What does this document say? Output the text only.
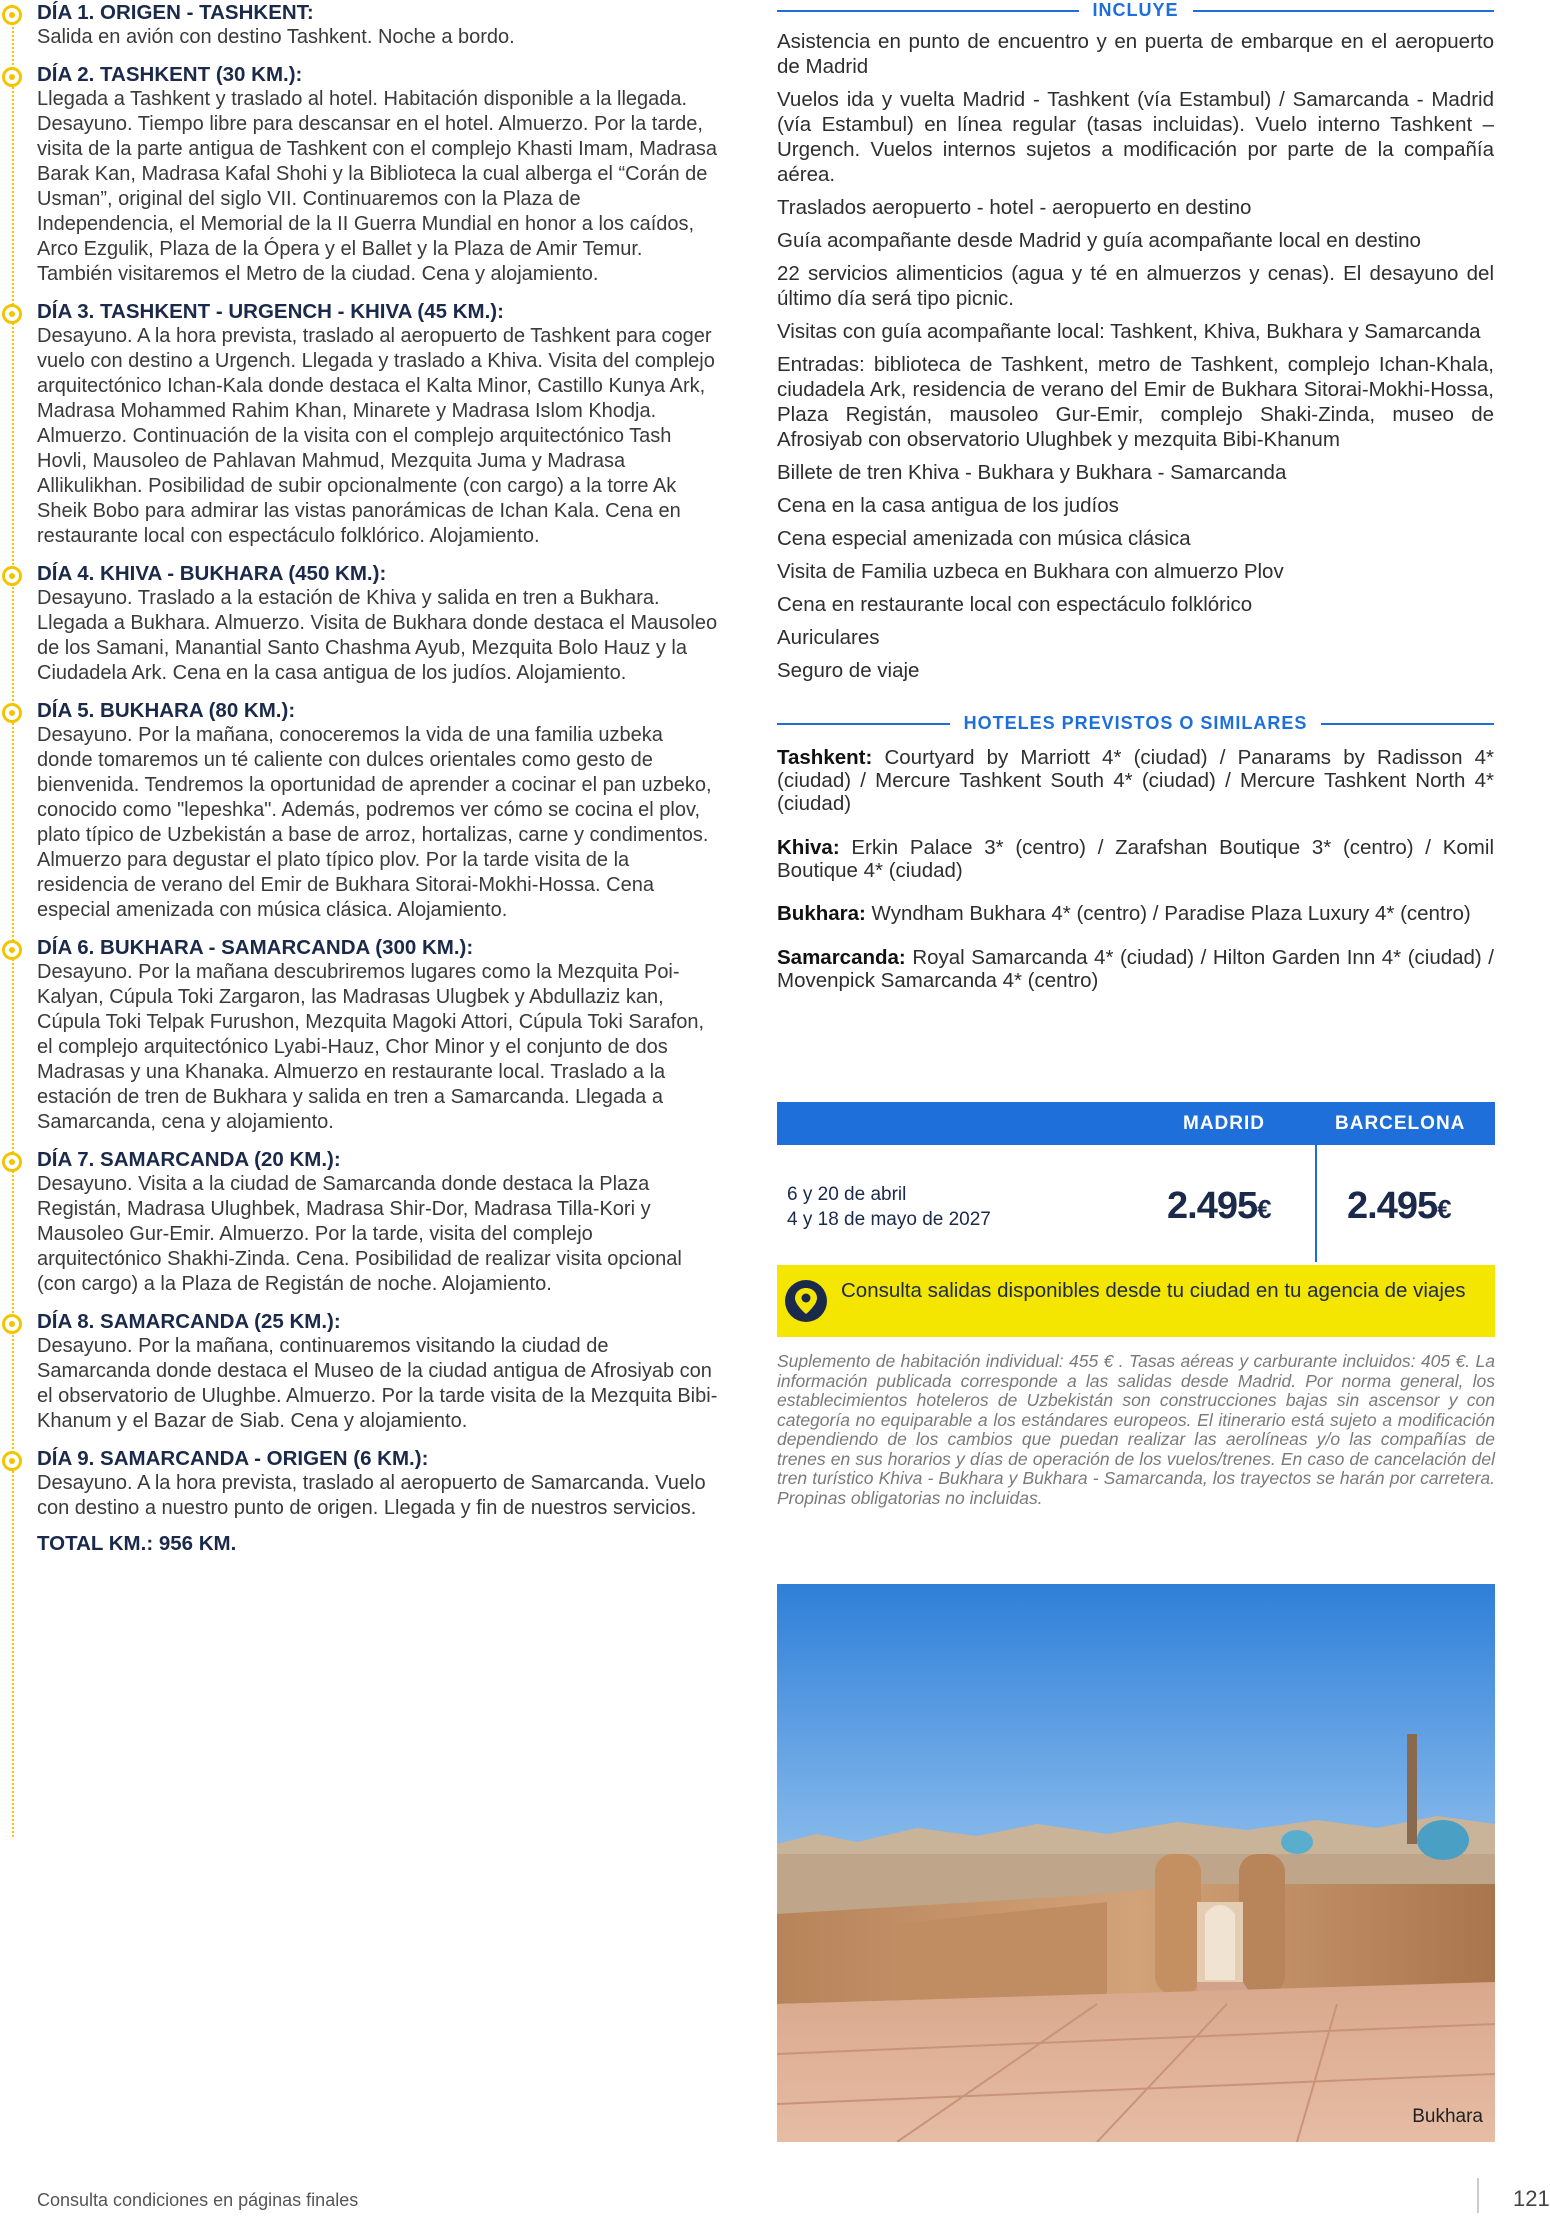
DÍA 1. ORIGEN - TASHKENT:

Salida en avión con destino Tashkent. Noche a bordo.

DÍA 2. TASHKENT (30 KM.):

Llegada a Tashkent y traslado al hotel. Habitación disponible a la llegada. Desayuno. Tiempo libre para descansar en el hotel. Almuerzo. Por la tarde, visita de la parte antigua de Tashkent con el complejo Khasti Imam, Madrasa Barak Kan, Madrasa Kafal Shohi y la Biblioteca la cual alberga el “Corán de Usman”, original del siglo VII. Continuaremos con la Plaza de Independencia, el Memorial de la II Guerra Mundial en honor a los caídos, Arco Ezgulik, Plaza de la Ópera y el Ballet y la Plaza de Amir Temur. También visitaremos el Metro de la ciudad. Cena y alojamiento.

DÍA 3. TASHKENT - URGENCH - KHIVA (45 KM.):

Desayuno. A la hora prevista, traslado al aeropuerto de Tashkent para coger vuelo con destino a Urgench. Llegada y traslado a Khiva. Visita del complejo arquitectónico Ichan-Kala donde destaca el Kalta Minor, Castillo Kunya Ark, Madrasa Mohammed Rahim Khan, Minarete y Madrasa Islom Khodja. Almuerzo. Continuación de la visita con el complejo arquitectónico Tash Hovli, Mausoleo de Pahlavan Mahmud, Mezquita Juma y Madrasa Allikulikhan. Posibilidad de subir opcionalmente (con cargo) a la torre Ak Sheik Bobo para admirar las vistas panorámicas de Ichan Kala. Cena en restaurante local con espectáculo folklórico. Alojamiento.

DÍA 4. KHIVA - BUKHARA (450 KM.):

Desayuno. Traslado a la estación de Khiva y salida en tren a Bukhara. Llegada a Bukhara. Almuerzo. Visita de Bukhara donde destaca el Mausoleo de los Samani, Manantial Santo Chashma Ayub, Mezquita Bolo Hauz y la Ciudadela Ark. Cena en la casa antigua de los judíos. Alojamiento.

DÍA 5. BUKHARA (80 KM.):

Desayuno. Por la mañana, conoceremos la vida de una familia uzbeka donde tomaremos un té caliente con dulces orientales como gesto de bienvenida. Tendremos la oportunidad de aprender a cocinar el pan uzbeko, conocido como "lepeshka". Además, podremos ver cómo se cocina el plov, plato típico de Uzbekistán a base de arroz, hortalizas, carne y condimentos. Almuerzo para degustar el plato típico plov. Por la tarde visita de la residencia de verano del Emir de Bukhara Sitorai-Mokhi-Hossa. Cena especial amenizada con música clásica. Alojamiento.

DÍA 6. BUKHARA - SAMARCANDA (300 KM.):

Desayuno. Por la mañana descubriremos lugares como la Mezquita Poi-Kalyan, Cúpula Toki Zargaron, las Madrasas Ulugbek y Abdullaziz kan, Cúpula Toki Telpak Furushon, Mezquita Magoki Attori, Cúpula Toki Sarafon, el complejo arquitectónico Lyabi-Hauz, Chor Minor y el conjunto de dos Madrasas y una Khanaka. Almuerzo en restaurante local. Traslado a la estación de tren de Bukhara y salida en tren a Samarcanda. Llegada a Samarcanda, cena y alojamiento.

DÍA 7. SAMARCANDA (20 KM.):

Desayuno. Visita a la ciudad de Samarcanda donde destaca la Plaza Registán, Madrasa Ulughbek, Madrasa Shir-Dor, Madrasa Tilla-Kori y Mausoleo Gur-Emir. Almuerzo. Por la tarde, visita del complejo arquitectónico Shakhi-Zinda. Cena. Posibilidad de realizar visita opcional (con cargo) a la Plaza de Registán de noche. Alojamiento.

DÍA 8. SAMARCANDA (25 KM.):

Desayuno. Por la mañana, continuaremos visitando la ciudad de Samarcanda donde destaca el Museo de la ciudad antigua de Afrosiyab con el observatorio de Ulughbe. Almuerzo. Por la tarde visita de la Mezquita Bibi-Khanum y el Bazar de Siab. Cena y alojamiento.

DÍA 9. SAMARCANDA - ORIGEN (6 KM.):

Desayuno. A la hora prevista, traslado al aeropuerto de Samarcanda. Vuelo con destino a nuestro punto de origen. Llegada y fin de nuestros servicios.

TOTAL KM.: 956 KM.

INCLUYE
Asistencia en punto de encuentro y en puerta de embarque en el aeropuerto de Madrid
Vuelos ida y vuelta Madrid - Tashkent (vía Estambul) / Samarcanda - Madrid (vía Estambul) en línea regular (tasas incluidas). Vuelo interno Tashkent – Urgench. Vuelos internos sujetos a modificación por parte de la compañía aérea.
Traslados aeropuerto - hotel - aeropuerto en destino
Guía acompañante desde Madrid y guía acompañante local en destino
22 servicios alimenticios (agua y té en almuerzos y cenas). El desayuno del último día será tipo picnic.
Visitas con guía acompañante local: Tashkent, Khiva, Bukhara y Samarcanda
Entradas: biblioteca de Tashkent, metro de Tashkent, complejo Ichan-Khala, ciudadela Ark, residencia de verano del Emir de Bukhara Sitorai-Mokhi-Hossa, Plaza Registán, mausoleo Gur-Emir, complejo Shaki-Zinda, museo de Afrosiyab con observatorio Ulughbek y mezquita Bibi-Khanum
Billete de tren Khiva - Bukhara y Bukhara - Samarcanda
Cena en la casa antigua de los judíos
Cena especial amenizada con música clásica
Visita de Familia uzbeca en Bukhara con almuerzo Plov
Cena en restaurante local con espectáculo folklórico
Auriculares
Seguro de viaje
HOTELES PREVISTOS O SIMILARES

Tashkent: Courtyard by Marriott 4* (ciudad) / Panarams by Radisson 4* (ciudad) / Mercure Tashkent South 4* (ciudad) / Mercure Tashkent North 4* (ciudad)

Khiva: Erkin Palace 3* (centro) / Zarafshan Boutique 3* (centro) / Komil Boutique 4* (ciudad)

Bukhara: Wyndham Bukhara 4* (centro) / Paradise Plaza Luxury 4* (centro)

Samarcanda: Royal Samarcanda 4* (ciudad) / Hilton Garden Inn 4* (ciudad) / Movenpick Samarcanda 4* (centro)

MADRID	BARCELONA
6 y 20 de abril
4 y 18 de mayo de 2027	2.495€ 2.495€
Consulta salidas disponibles desde tu ciudad en tu agencia de viajes
Suplemento de habitación individual: 455 € . Tasas aéreas y carburante incluidos: 405 €. La información publicada corresponde a las salidas desde Madrid. Por norma general, los establecimientos hoteleros de Uzbekistán son construcciones bajas sin ascensor y con categoría no equiparable a los estándares europeos. El itinerario está sujeto a modificación dependiendo de los cambios que puedan realizar las aerolíneas y/o las compañías de trenes en sus horarios y días de operación de los vuelos/trenes. En caso de cancelación del tren turístico Khiva - Bukhara y Bukhara - Samarcanda, los trayectos se harán por carretera. Propinas obligatorias no incluidas.
Bukhara
Consulta condiciones en páginas finales	121
